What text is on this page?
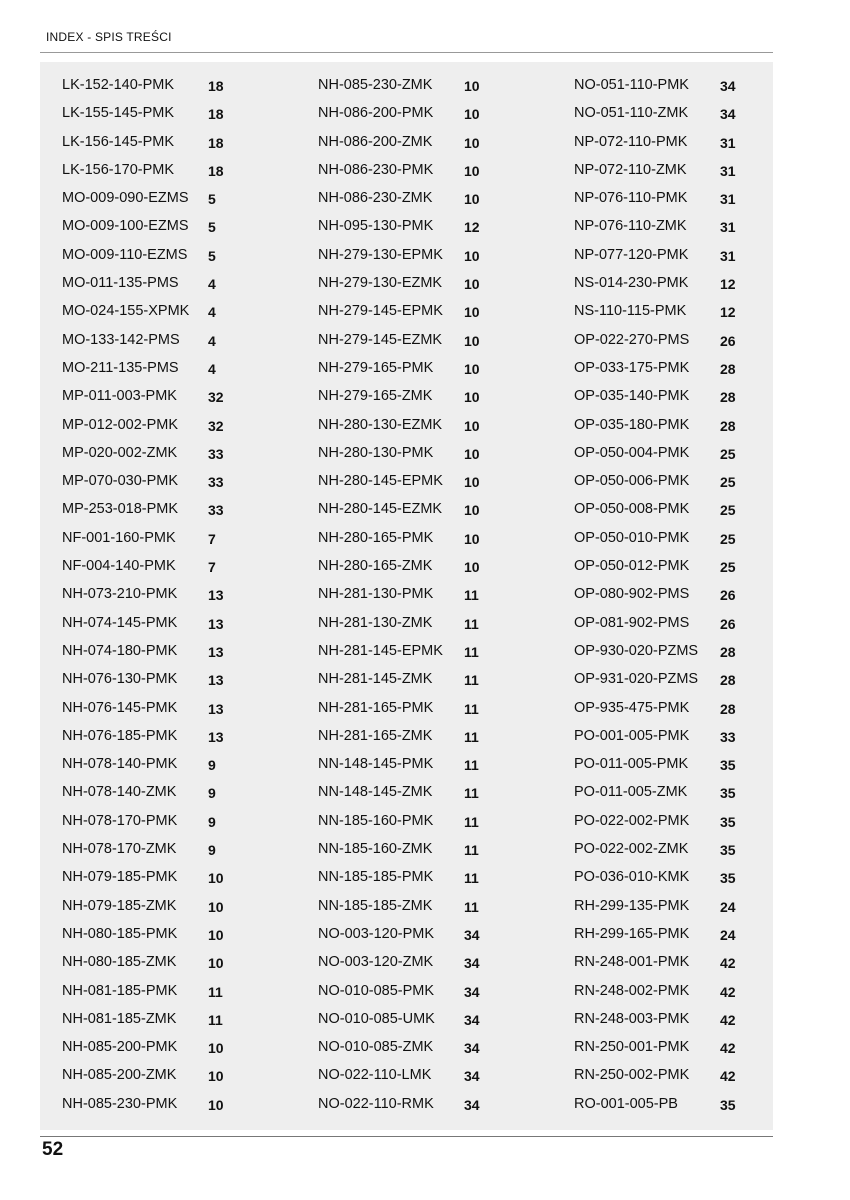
INDEX - SPIS TREŚCI
LK-152-140-PMK 18
LK-155-145-PMK 18
LK-156-145-PMK 18
LK-156-170-PMK 18
MO-009-090-EZMS 5
MO-009-100-EZMS 5
MO-009-110-EZMS 5
MO-011-135-PMS 4
MO-024-155-XPMK 4
MO-133-142-PMS 4
MO-211-135-PMS 4
MP-011-003-PMK 32
MP-012-002-PMK 32
MP-020-002-ZMK 33
MP-070-030-PMK 33
MP-253-018-PMK 33
NF-001-160-PMK 7
NF-004-140-PMK 7
NH-073-210-PMK 13
NH-074-145-PMK 13
NH-074-180-PMK 13
NH-076-130-PMK 13
NH-076-145-PMK 13
NH-076-185-PMK 13
NH-078-140-PMK 9
NH-078-140-ZMK 9
NH-078-170-PMK 9
NH-078-170-ZMK 9
NH-079-185-PMK 10
NH-079-185-ZMK 10
NH-080-185-PMK 10
NH-080-185-ZMK 10
NH-081-185-PMK 11
NH-081-185-ZMK 11
NH-085-200-PMK 10
NH-085-200-ZMK 10
NH-085-230-PMK 10
NH-085-230-ZMK 10
NH-086-200-PMK 10
NH-086-200-ZMK 10
NH-086-230-PMK 10
NH-086-230-ZMK 10
NH-095-130-PMK 12
NH-279-130-EPMK 10
NH-279-130-EZMK 10
NH-279-145-EPMK 10
NH-279-145-EZMK 10
NH-279-165-PMK 10
NH-279-165-ZMK 10
NH-280-130-EZMK 10
NH-280-130-PMK 10
NH-280-145-EPMK 10
NH-280-145-EZMK 10
NH-280-165-PMK 10
NH-280-165-ZMK 10
NH-281-130-PMK 11
NH-281-130-ZMK 11
NH-281-145-EPMK 11
NH-281-145-ZMK 11
NH-281-165-PMK 11
NH-281-165-ZMK 11
NN-148-145-PMK 11
NN-148-145-ZMK 11
NN-185-160-PMK 11
NN-185-160-ZMK 11
NN-185-185-PMK 11
NN-185-185-ZMK 11
NO-003-120-PMK 34
NO-003-120-ZMK 34
NO-010-085-PMK 34
NO-010-085-UMK 34
NO-010-085-ZMK 34
NO-022-110-LMK 34
NO-022-110-RMK 34
NO-051-110-PMK 34
NO-051-110-ZMK 34
NP-072-110-PMK 31
NP-072-110-ZMK 31
NP-076-110-PMK 31
NP-076-110-ZMK 31
NP-077-120-PMK 31
NS-014-230-PMK 12
NS-110-115-PMK 12
OP-022-270-PMS 26
OP-033-175-PMK 28
OP-035-140-PMK 28
OP-035-180-PMK 28
OP-050-004-PMK 25
OP-050-006-PMK 25
OP-050-008-PMK 25
OP-050-010-PMK 25
OP-050-012-PMK 25
OP-080-902-PMS 26
OP-081-902-PMS 26
OP-930-020-PZMS 28
OP-931-020-PZMS 28
OP-935-475-PMK 28
PO-001-005-PMK 33
PO-011-005-PMK 35
PO-011-005-ZMK 35
PO-022-002-PMK 35
PO-022-002-ZMK 35
PO-036-010-KMK 35
RH-299-135-PMK 24
RH-299-165-PMK 24
RN-248-001-PMK 42
RN-248-002-PMK 42
RN-248-003-PMK 42
RN-250-001-PMK 42
RN-250-002-PMK 42
RO-001-005-PB	35
52
